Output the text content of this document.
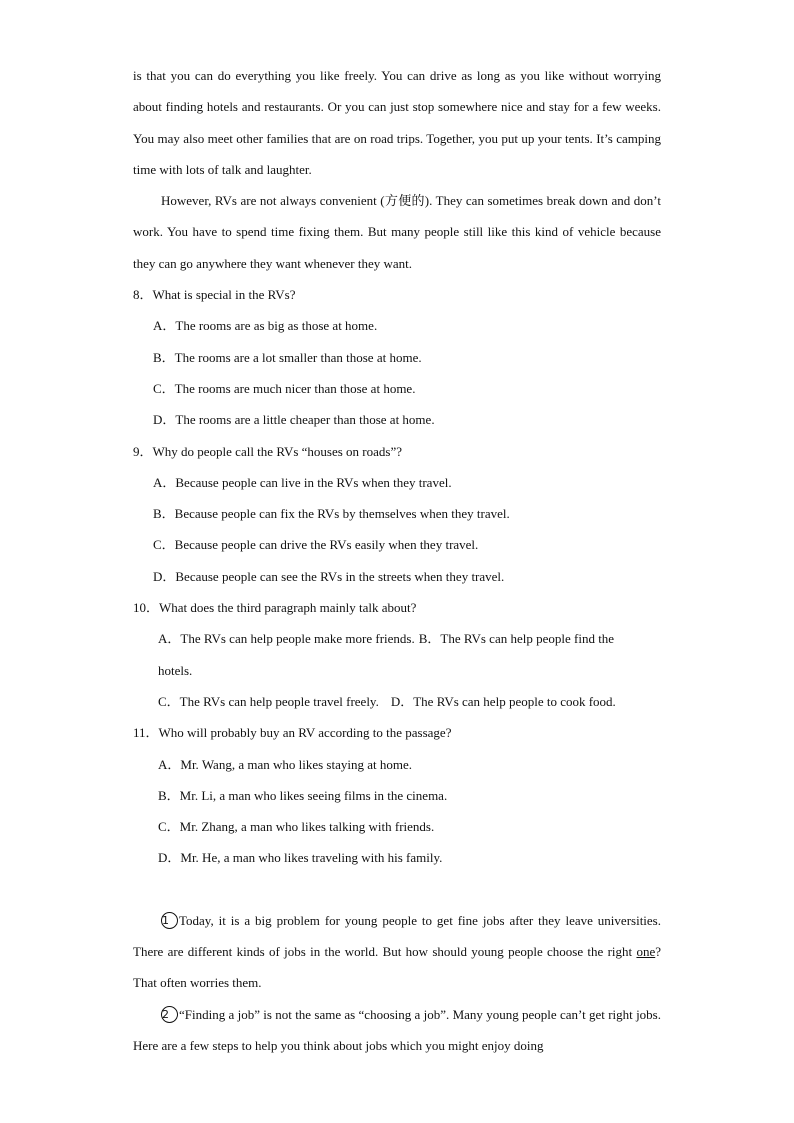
is that you can do everything you like freely. You can drive as long as you like without worrying about finding hotels and restaurants. Or you can just stop somewhere nice and stay for a few weeks. You may also meet other families that are on road trips. Together, you put up your tents. It’s camping time with lots of talk and laughter.

However, RVs are not always convenient (方便的). They can sometimes break down and don’t work. You have to spend time fixing them. But many people still like this kind of vehicle because they can go anywhere they want whenever they want.

8．What is special in the RVs?

A．The rooms are as big as those at home.

B．The rooms are a lot smaller than those at home.

C．The rooms are much nicer than those at home.

D．The rooms are a little cheaper than those at home.

9．Why do people call the RVs “houses on roads”?

A．Because people can live in the RVs when they travel.

B．Because people can fix the RVs by themselves when they travel.

C．Because people can drive the RVs easily when they travel.

D．Because people can see the RVs in the streets when they travel.

10．What does the third paragraph mainly talk about?

A．The RVs can help people make more friends. B．The RVs can help people find the

hotels.

C．The RVs can help people travel freely. D．The RVs can help people to cook food.

11．Who will probably buy an RV according to the passage?

A．Mr. Wang, a man who likes staying at home.

B．Mr. Li, a man who likes seeing films in the cinema.

C．Mr. Zhang, a man who likes talking with friends.

D．Mr. He, a man who likes traveling with his family.

1 Today, it is a big problem for young people to get fine jobs after they leave universities. There are different kinds of jobs in the world. But how should young people choose the right one? That often worries them.

2 “Finding a job” is not the same as “choosing a job”. Many young people can’t get right jobs. Here are a few steps to help you think about jobs which you might enjoy doing
